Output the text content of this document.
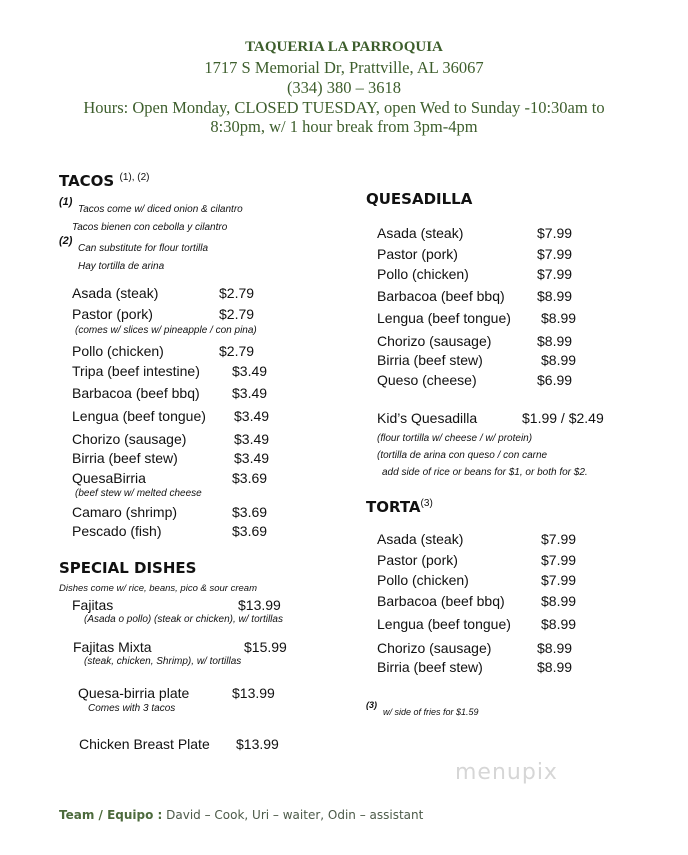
TAQUERIA LA PARROQUIA
1717 S Memorial Dr, Prattville, AL 36067
(334) 380 – 3618
Hours: Open Monday, CLOSED TUESDAY, open Wed to Sunday -10:30am to
8:30pm, w/ 1 hour break from 3pm-4pm
TACOS $^{(1), (2)}$
(1)
Tacos come w/ diced onion & cilantro
Tacos bienen con cebolla y cilantro
(2)
Can substitute for flour tortilla
Hay tortilla de arina
SPECIAL DISHES
Dishes come w/ rice, beans, pico & sour cream
QUESADILLA
Kid’s Quesadilla	$1.99 / $2.49
(flour tortilla w/ cheese / w/ protein)
(tortilla de arina con queso / con carne
add side of rice or beans for $1, or both for $2.
TORTA$^{(3)}$
(3)
w/ side of fries for $1.59
menupix
Team / Equipo : David – Cook, Uri – waiter, Odin – assistant
Asada (steak)	$2.79
Pastor (pork)	$2.79
(comes w/ slices w/ pineapple / con pina)
Pollo (chicken)	$2.79
Tripa (beef intestine) $3.49
Barbacoa (beef bbq) $3.49
Lengua (beef tongue) $3.49
Chorizo (sausage)	$3.49
Birria (beef stew)	$3.49
QuesaBirria	$3.69
(beef stew w/ melted cheese
Camaro (shrimp)	$3.69
Pescado (fish)	$3.69
Asada (steak)	$7.99
Pastor (pork)	$7.99
Pollo (chicken)	$7.99
Barbacoa (beef bbq) $8.99
Lengua (beef tongue) $8.99
Chorizo (sausage)	$8.99
Birria (beef stew)	$8.99
Queso (cheese)	$6.99
Asada (steak)	$7.99
Pastor (pork)	$7.99
Pollo (chicken)	$7.99
Barbacoa (beef bbq)	$8.99
Lengua (beef tongue) $8.99
Chorizo (sausage)	$8.99
Birria (beef stew)	$8.99
Fajitas	$13.99
(Asada o pollo) (steak or chicken), w/ tortillas
Fajitas Mixta	$15.99
(steak, chicken, Shrimp), w/ tortillas
Quesa-birria plate	$13.99
Comes with 3 tacos
Chicken Breast Plate $13.99
